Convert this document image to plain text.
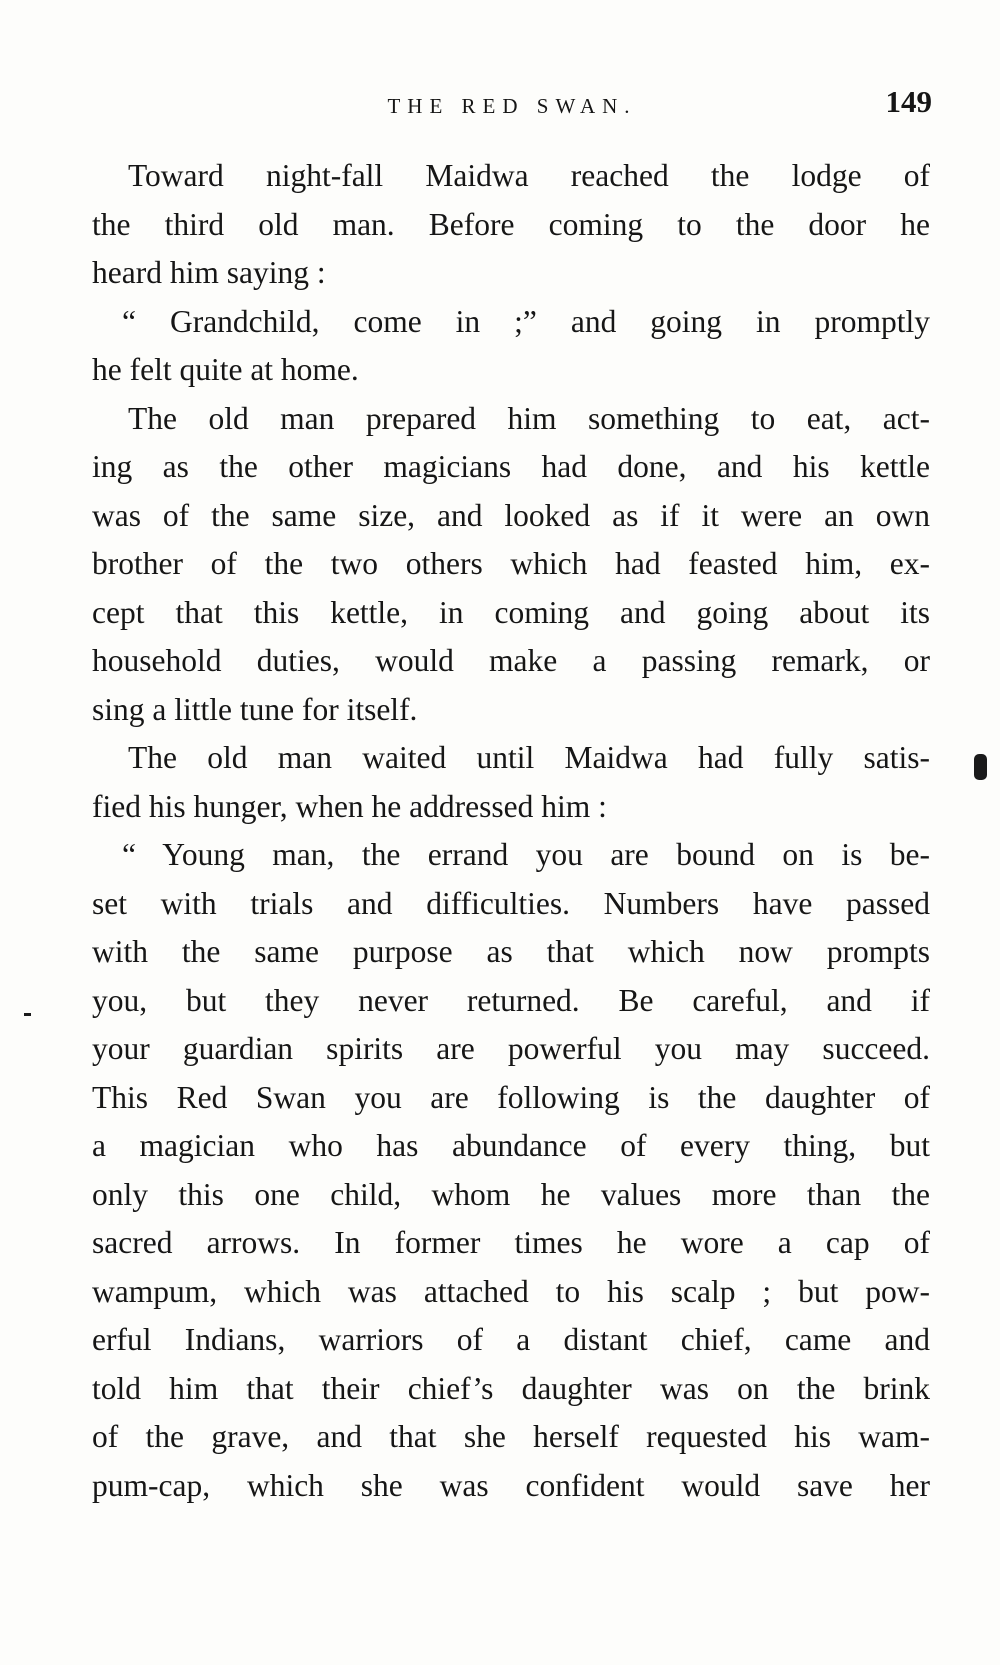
THE RED SWAN.	149
Toward night-fall Maidwa reached the lodge of
the third old man. Before coming to the door he
heard him saying :
“ Grandchild, come in ;” and going in promptly
he felt quite at home.
The old man prepared him something to eat, act-
ing as the other magicians had done, and his kettle
was of the same size, and looked as if it were an own
brother of the two others which had feasted him, ex-
cept that this kettle, in coming and going about its
household duties, would make a passing remark, or
sing a little tune for itself.
The old man waited until Maidwa had fully satis-
fied his hunger, when he addressed him :
“ Young man, the errand you are bound on is be-
set with trials and difficulties. Numbers have passed
with the same purpose as that which now prompts
you, but they never returned. Be careful, and if
your guardian spirits are powerful you may succeed.
This Red Swan you are following is the daughter of
a magician who has abundance of every thing, but
only this one child, whom he values more than the
sacred arrows. In former times he wore a cap of
wampum, which was attached to his scalp ; but pow-
erful Indians, warriors of a distant chief, came and
told him that their chief’s daughter was on the brink
of the grave, and that she herself requested his wam-
pum-cap, which she was confident would save her
